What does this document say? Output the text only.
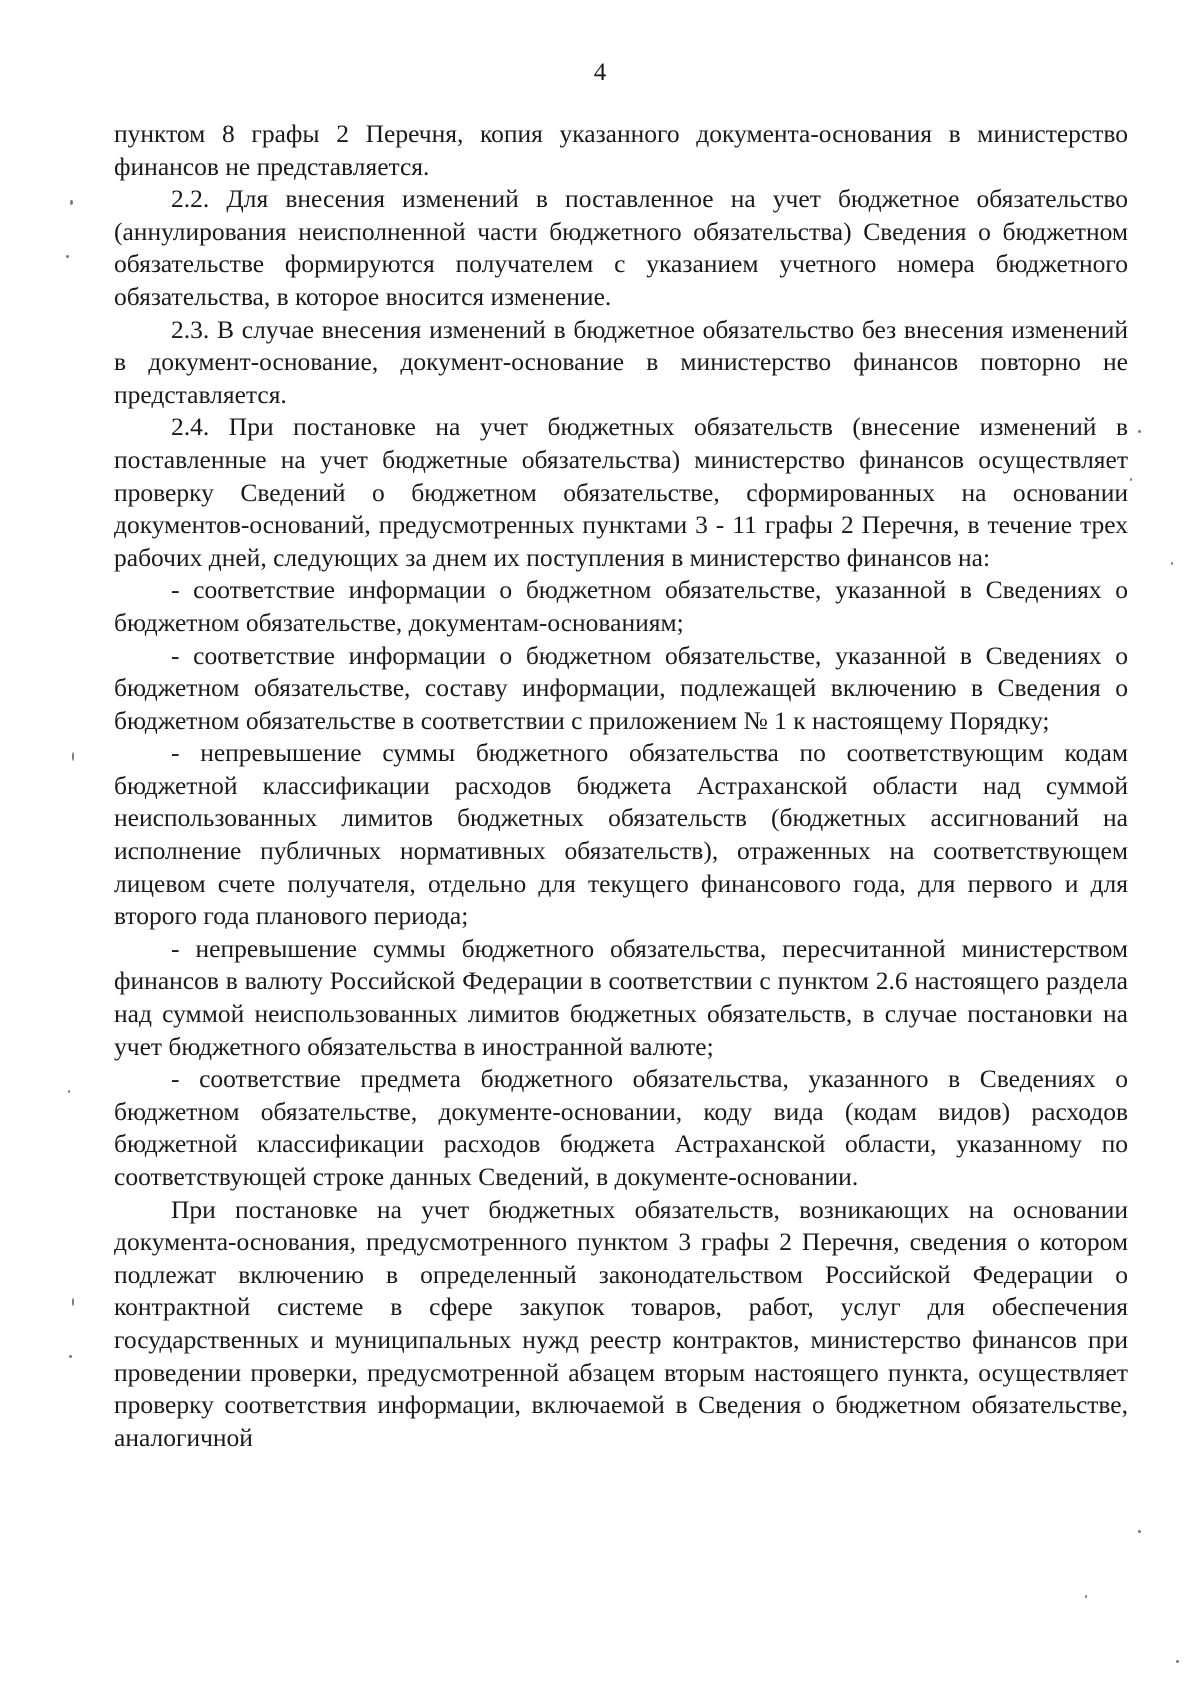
4

пунктом 8 графы 2 Перечня, копия указанного документа-основания в министерство финансов не представляется.

2.2. Для внесения изменений в поставленное на учет бюджетное обязательство (аннулирования неисполненной части бюджетного обязательства) Сведения о бюджетном обязательстве формируются получателем с указанием учетного номера бюджетного обязательства, в которое вносится изменение.

2.3. В случае внесения изменений в бюджетное обязательство без внесения изменений в документ-основание, документ-основание в министерство финансов повторно не представляется.

2.4. При постановке на учет бюджетных обязательств (внесение изменений в поставленные на учет бюджетные обязательства) министерство финансов осуществляет проверку Сведений о бюджетном обязательстве, сформированных на основании документов-оснований, предусмотренных пунктами 3 - 11 графы 2 Перечня, в течение трех рабочих дней, следующих за днем их поступления в министерство финансов на:

- соответствие информации о бюджетном обязательстве, указанной в Сведениях о бюджетном обязательстве, документам-основаниям;

- соответствие информации о бюджетном обязательстве, указанной в Сведениях о бюджетном обязательстве, составу информации, подлежащей включению в Сведения о бюджетном обязательстве в соответствии с приложением № 1 к настоящему Порядку;

- непревышение суммы бюджетного обязательства по соответствующим кодам бюджетной классификации расходов бюджета Астраханской области над суммой неиспользованных лимитов бюджетных обязательств (бюджетных ассигнований на исполнение публичных нормативных обязательств), отраженных на соответствующем лицевом счете получателя, отдельно для текущего финансового года, для первого и для второго года планового периода;

- непревышение суммы бюджетного обязательства, пересчитанной министерством финансов в валюту Российской Федерации в соответствии с пунктом 2.6 настоящего раздела над суммой неиспользованных лимитов бюджетных обязательств, в случае постановки на учет бюджетного обязательства в иностранной валюте;

- соответствие предмета бюджетного обязательства, указанного в Сведениях о бюджетном обязательстве, документе-основании, коду вида (кодам видов) расходов бюджетной классификации расходов бюджета Астраханской области, указанному по соответствующей строке данных Сведений, в документе-основании.

При постановке на учет бюджетных обязательств, возникающих на основании документа-основания, предусмотренного пунктом 3 графы 2 Перечня, сведения о котором подлежат включению в определенный законодательством Российской Федерации о контрактной системе в сфере закупок товаров, работ, услуг для обеспечения государственных и муниципальных нужд реестр контрактов, министерство финансов при проведении проверки, предусмотренной абзацем вторым настоящего пункта, осуществляет проверку соответствия информации, включаемой в Сведения о бюджетном обязательстве, аналогичной
